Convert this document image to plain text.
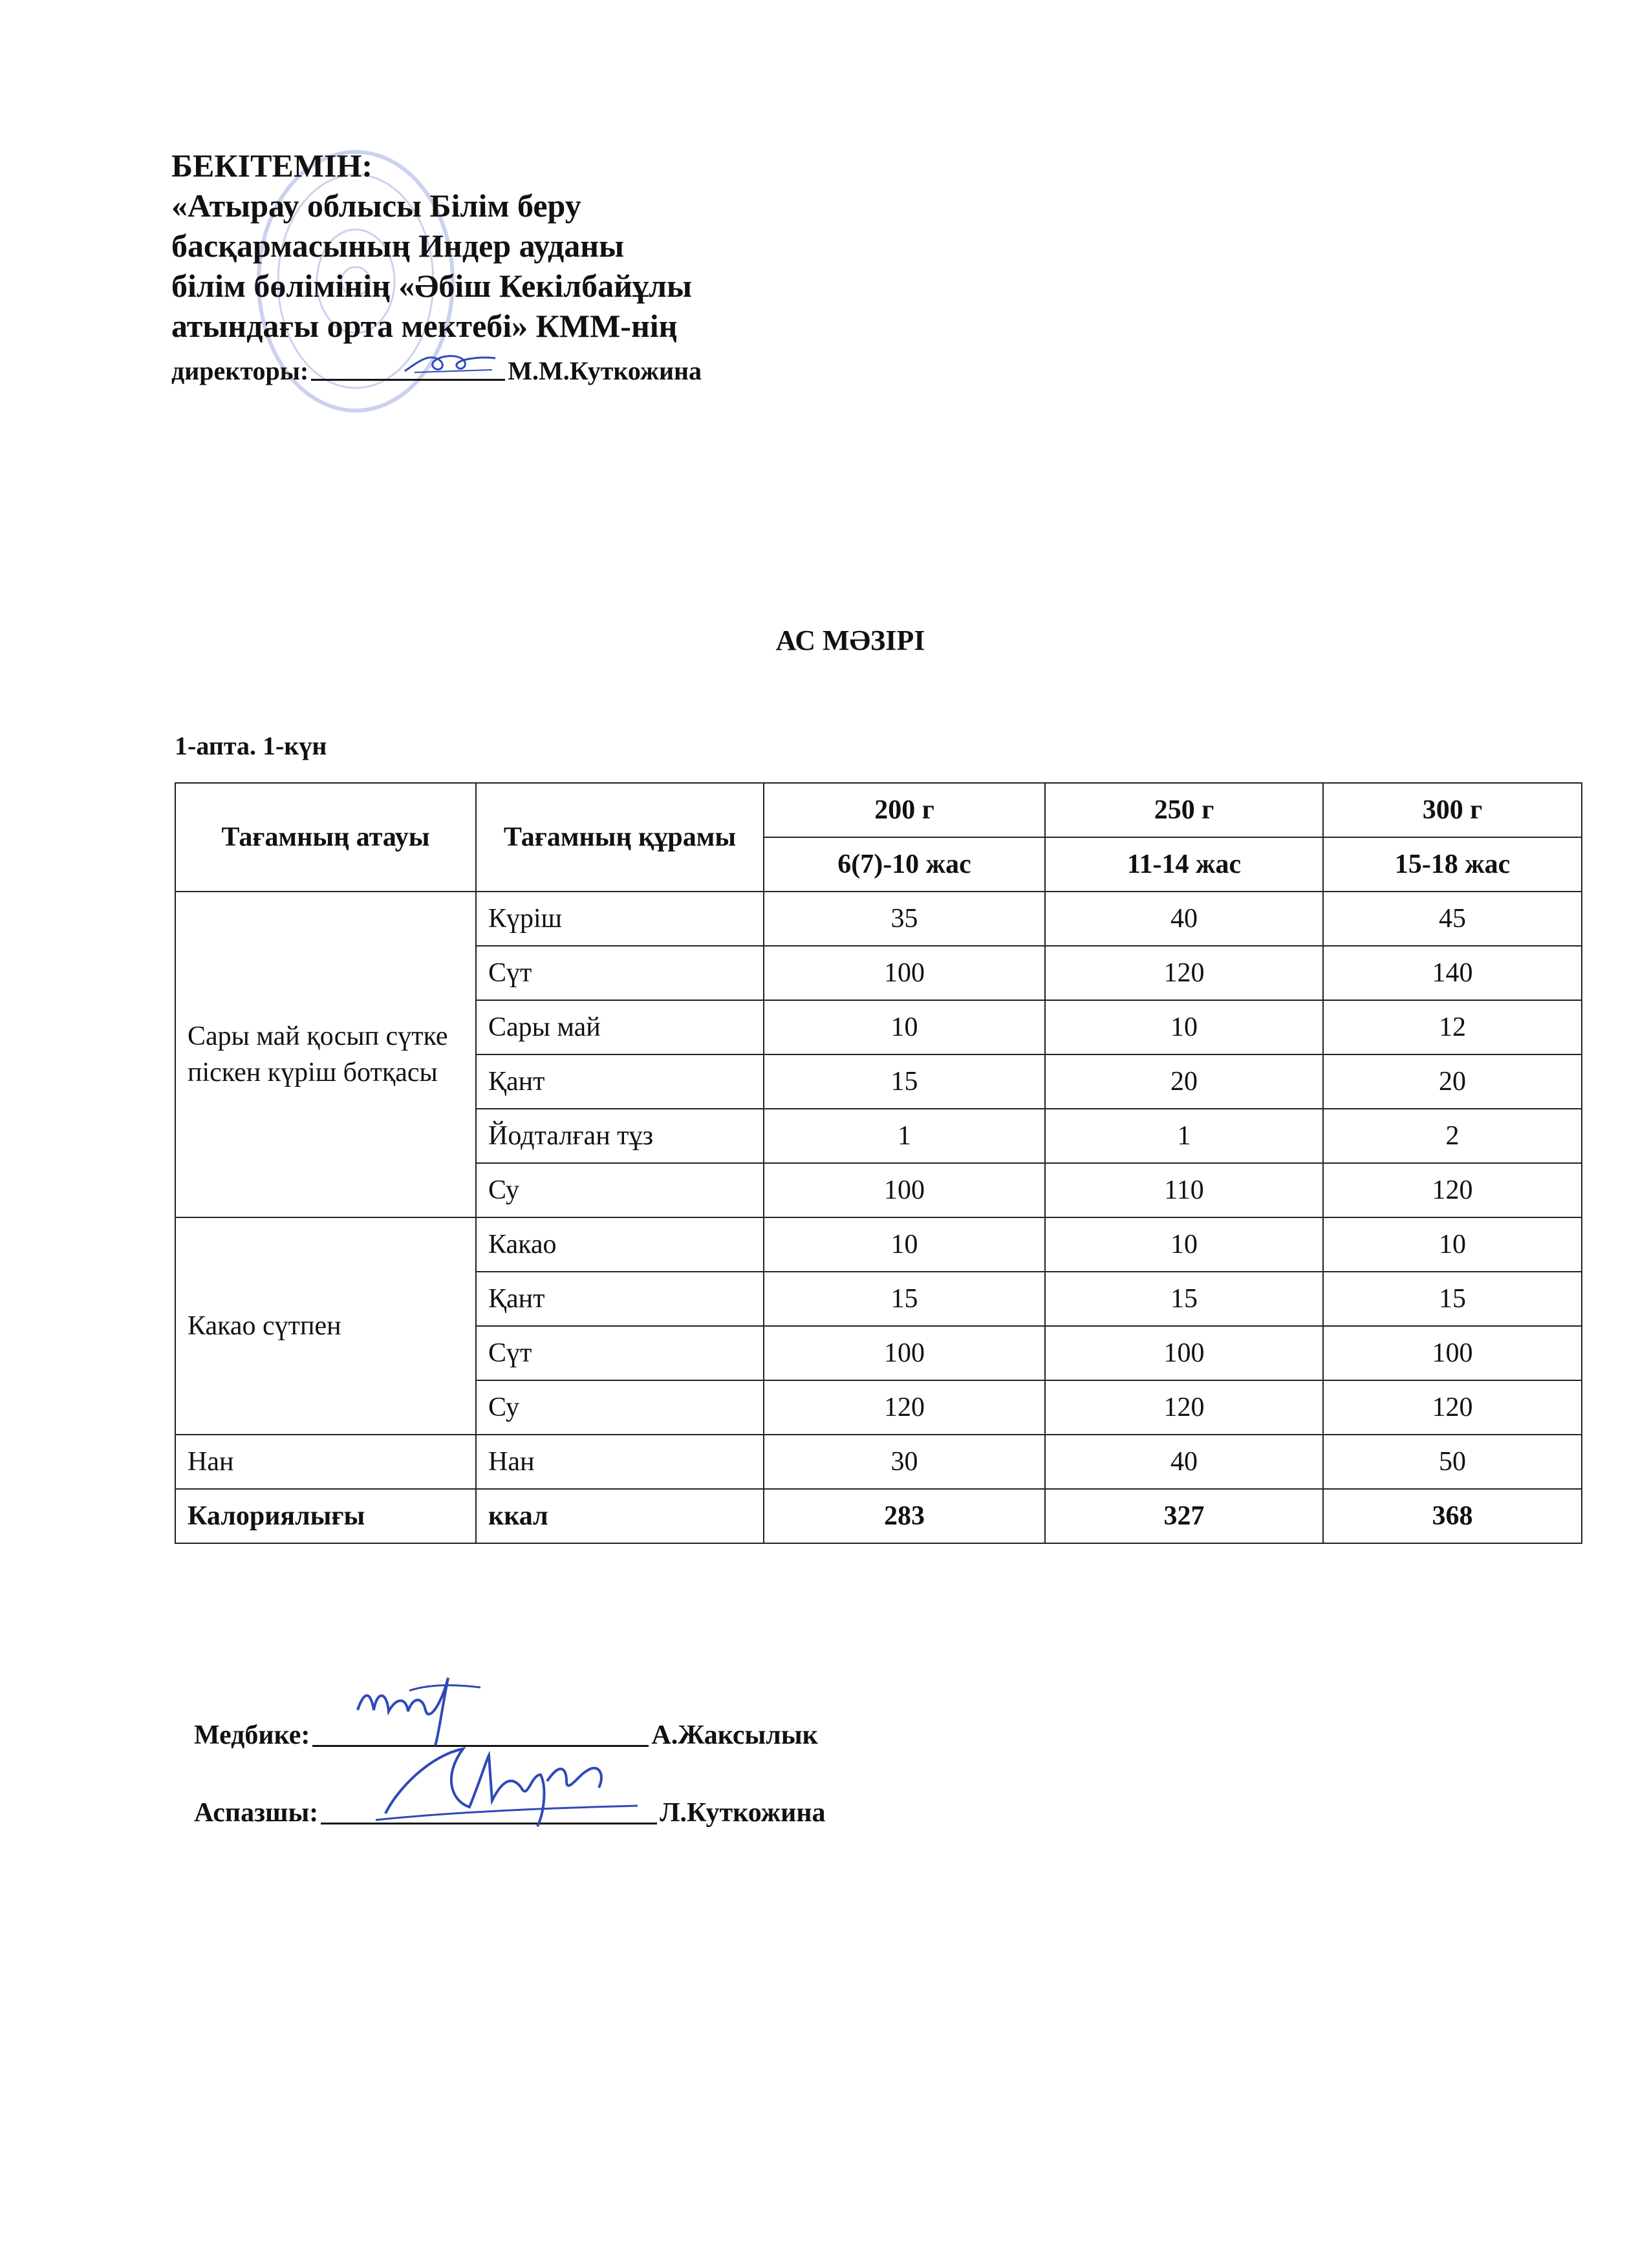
БЕКІТЕМІН:
«Атырау облысы Білім беру
басқармасының Индер ауданы
білім бөлімінің «Әбіш Кекілбайұлы
атындағы орта мектебі» КММ-нің
директоры:	М.М.Куткожина
АС МӘЗІРІ
1-апта. 1-күн
Тағамның атауы	Тағамның құрамы	200 г	250 г	300 г
		6(7)-10 жас	11-14 жас	15-18 жас
Сары май қосып сүтке піскен күріш ботқасы	Күріш	35	40	45
	Сүт	100	120	140
	Сары май	10	10	12
	Қант	15	20	20
	Йодталған тұз	1	1	2
	Су	100	110	120
Какао сүтпен	Какао	10	10	10
	Қант	15	15	15
	Сүт	100	100	100
	Су	120	120	120
Нан	Нан	30	40	50
Калориялығы	ккал	283	327	368
Медбике:	А.Жаксылык
Аспазшы:	Л.Куткожина
